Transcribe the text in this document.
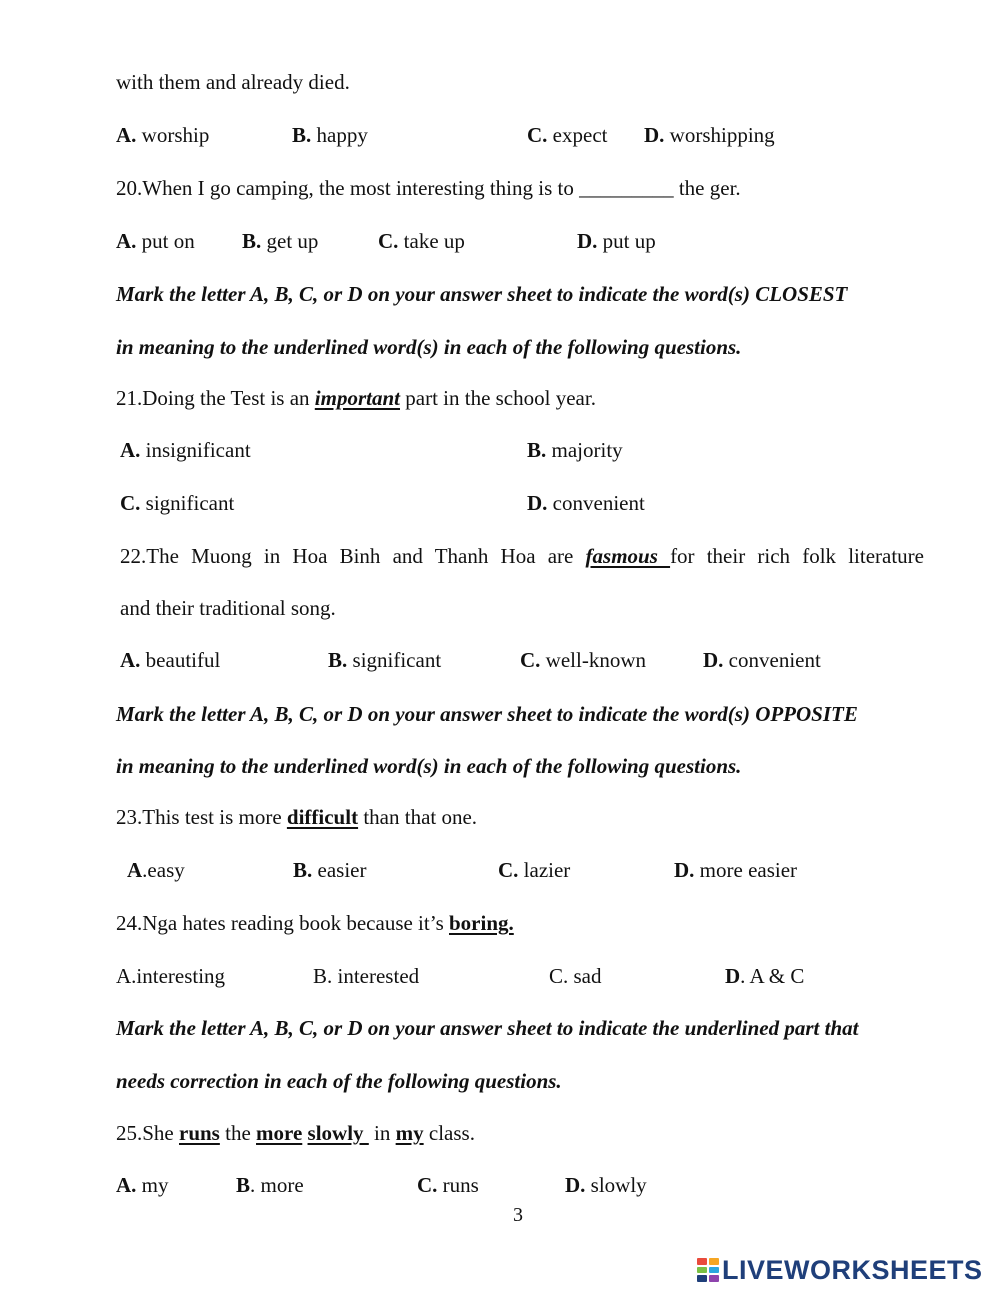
with them and already died.
A. worship	B. happy	C. expect D. worshipping
20.When I go camping, the most interesting thing is to _________ the ger.
A. put on B. get up	C. take up	D. put up
Mark the letter A, B, C, or D on your answer sheet to indicate the word(s) CLOSEST
in meaning to the underlined word(s) in each of the following questions.
21.Doing the Test is an important part in the school year.
A. insignificant	B. majority
C. significant	D. convenient
22.The Muong in Hoa Binh and Thanh Hoa are fasmous for their rich folk literature
and their traditional song.
A. beautiful	B. significant	C. well-known	D. convenient
Mark the letter A, B, C, or D on your answer sheet to indicate the word(s) OPPOSITE
in meaning to the underlined word(s) in each of the following questions.
23.This test is more difficult than that one.
A.easy	B. easier	C. lazier	D. more easier
24.Nga hates reading book because it’s boring.
A.interesting	B. interested	C. sad	D. A & C
Mark the letter A, B, C, or D on your answer sheet to indicate the underlined part that
needs correction in each of the following questions.
25.She runs the more slowly  in my class.
A. my	B. more	C. runs	D. slowly
3
LIVEWORKSHEETS
